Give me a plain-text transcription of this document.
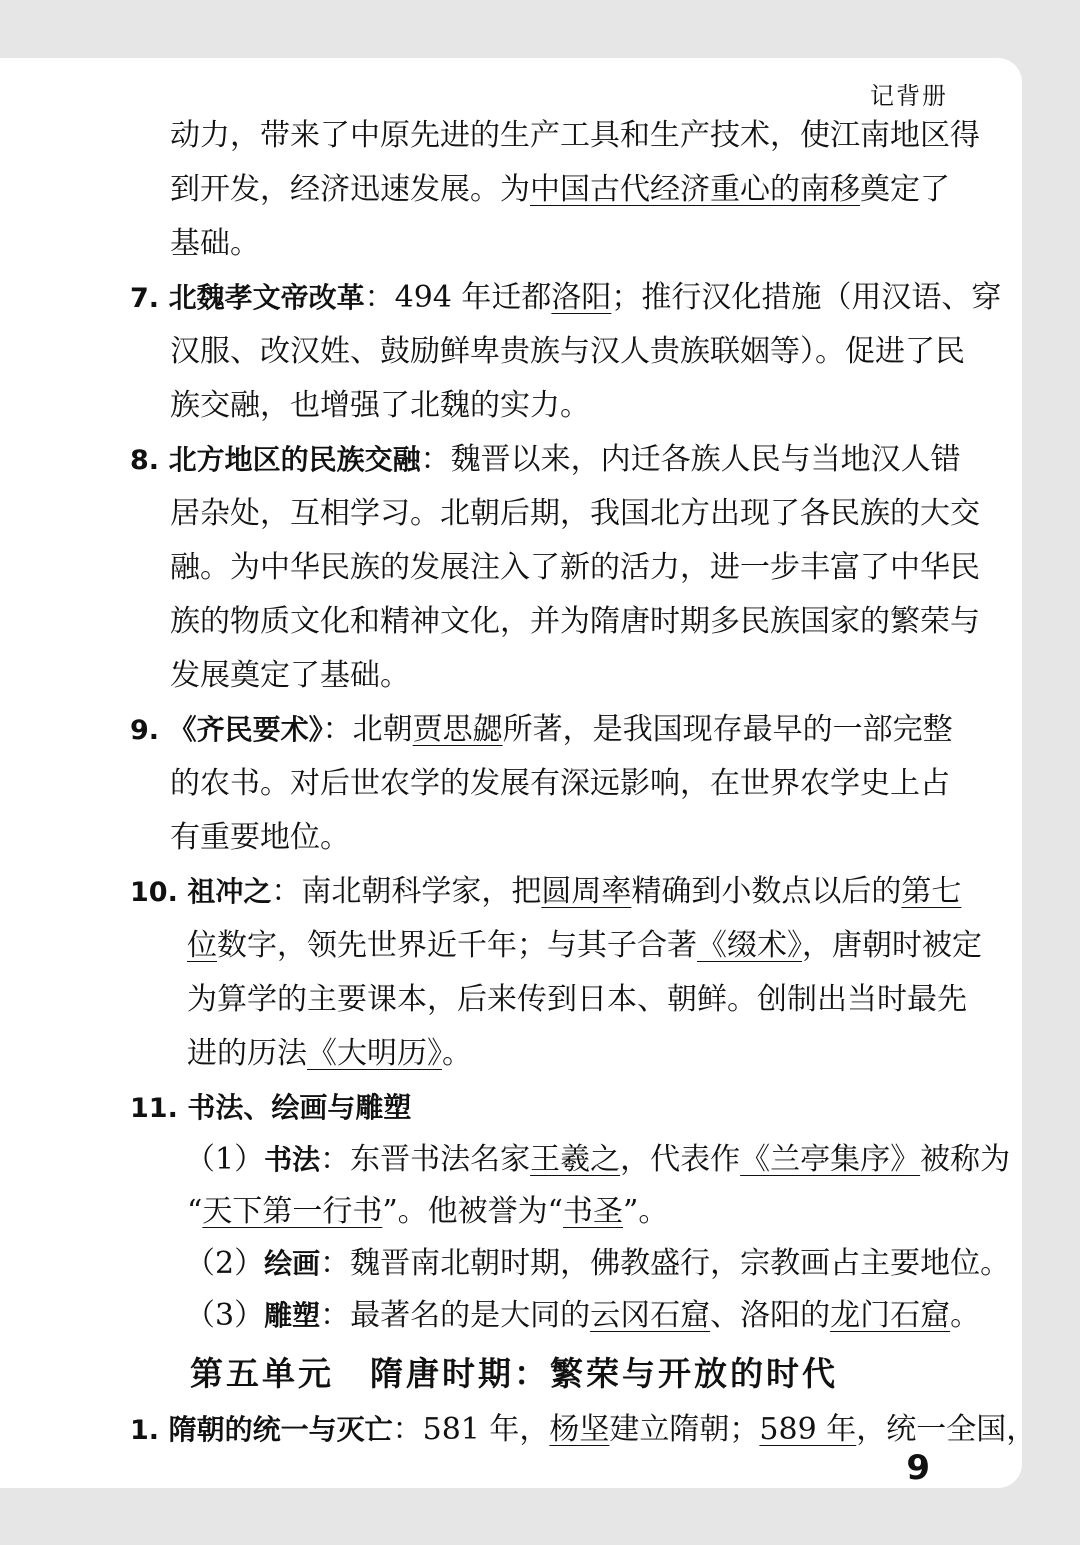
记背册
动力，带来了中原先进的生产工具和生产技术，使江南地区得
到开发，经济迅速发展。为中国古代经济重心的南移奠定了
基础。
7. 北魏孝文帝改革：494 年迁都洛阳；推行汉化措施（用汉语、穿
汉服、改汉姓、鼓励鲜卑贵族与汉人贵族联姻等）。促进了民
族交融，也增强了北魏的实力。
8. 北方地区的民族交融：魏晋以来，内迁各族人民与当地汉人错
居杂处，互相学习。北朝后期，我国北方出现了各民族的大交
融。为中华民族的发展注入了新的活力，进一步丰富了中华民
族的物质文化和精神文化，并为隋唐时期多民族国家的繁荣与
发展奠定了基础。
9. 《齐民要术》：北朝贾思勰所著，是我国现存最早的一部完整
的农书。对后世农学的发展有深远影响，在世界农学史上占
有重要地位。
10. 祖冲之：南北朝科学家，把圆周率精确到小数点以后的第七
位数字，领先世界近千年；与其子合著《缀术》，唐朝时被定
为算学的主要课本，后来传到日本、朝鲜。创制出当时最先
进的历法《大明历》。
11. 书法、绘画与雕塑
（1）书法：东晋书法名家王羲之，代表作《兰亭集序》被称为
“天下第一行书”。他被誉为“书圣”。
（2）绘画：魏晋南北朝时期，佛教盛行，宗教画占主要地位。
（3）雕塑：最著名的是大同的云冈石窟、洛阳的龙门石窟。
第五单元　隋唐时期：繁荣与开放的时代
1. 隋朝的统一与灭亡：581 年，杨坚建立隋朝；589 年，统一全国，
9
